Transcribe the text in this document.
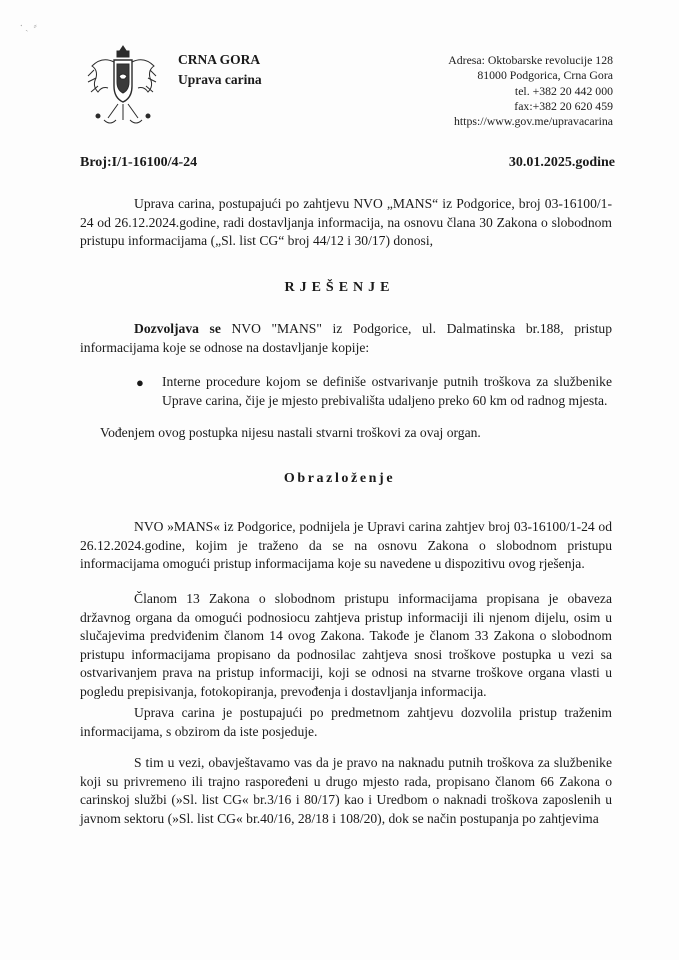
⸱ ˎ  ⸗
CRNA GORA
Uprava carina
Adresa: Oktobarske revolucije 128
81000 Podgorica, Crna Gora
tel. +382 20 442 000
fax:+382 20 620 459
https://www.gov.me/upravacarina
Broj:I/1-16100/4-24	30.01.2025.godine
Uprava carina, postupajući po zahtjevu NVO „MANS“ iz Podgorice, broj 03-16100/1-24 od 26.12.2024.godine, radi dostavljanja informacija, na osnovu člana 30 Zakona o slobodnom pristupu informacijama („Sl. list CG“ broj 44/12 i 30/17) donosi,
RJEŠENJE
Dozvoljava se NVO "MANS" iz Podgorice, ul. Dalmatinska br.188, pristup informacijama koje se odnose na dostavljanje kopije:
● Interne procedure kojom se definiše ostvarivanje putnih troškova za službenike Uprave carina, čije je mjesto prebivališta udaljeno preko 60 km od radnog mjesta.
Vođenjem ovog postupka nijesu nastali stvarni troškovi za ovaj organ.
Obrazloženje
NVO »MANS« iz Podgorice, podnijela je Upravi carina zahtjev broj 03-16100/1-24 od 26.12.2024.godine, kojim je traženo da se na osnovu Zakona o slobodnom pristupu informacijama omogući pristup informacijama koje su navedene u dispozitivu ovog rješenja.
Članom 13 Zakona o slobodnom pristupu informacijama propisana je obaveza državnog organa da omogući podnosiocu zahtjeva pristup informaciji ili njenom dijelu, osim u slučajevima predviđenim članom 14 ovog Zakona. Takođe je članom 33 Zakona o slobodnom pristupu informacijama propisano da podnosilac zahtjeva snosi troškove postupka u vezi sa ostvarivanjem prava na pristup informaciji, koji se odnosi na stvarne troškove organa vlasti u pogledu prepisivanja, fotokopiranja, prevođenja i dostavljanja informacija.
Uprava carina je postupajući po predmetnom zahtjevu dozvolila pristup traženim informacijama, s obzirom da iste posjeduje.
S tim u vezi, obavještavamo vas da je pravo na naknadu putnih troškova za službenike koji su privremeno ili trajno raspoređeni u drugo mjesto rada, propisano članom 66 Zakona o carinskoj službi (»Sl. list CG« br.3/16 i 80/17) kao i Uredbom o naknadi troškova zaposlenih u javnom sektoru (»Sl. list CG« br.40/16, 28/18 i 108/20), dok se način postupanja po zahtjevima
